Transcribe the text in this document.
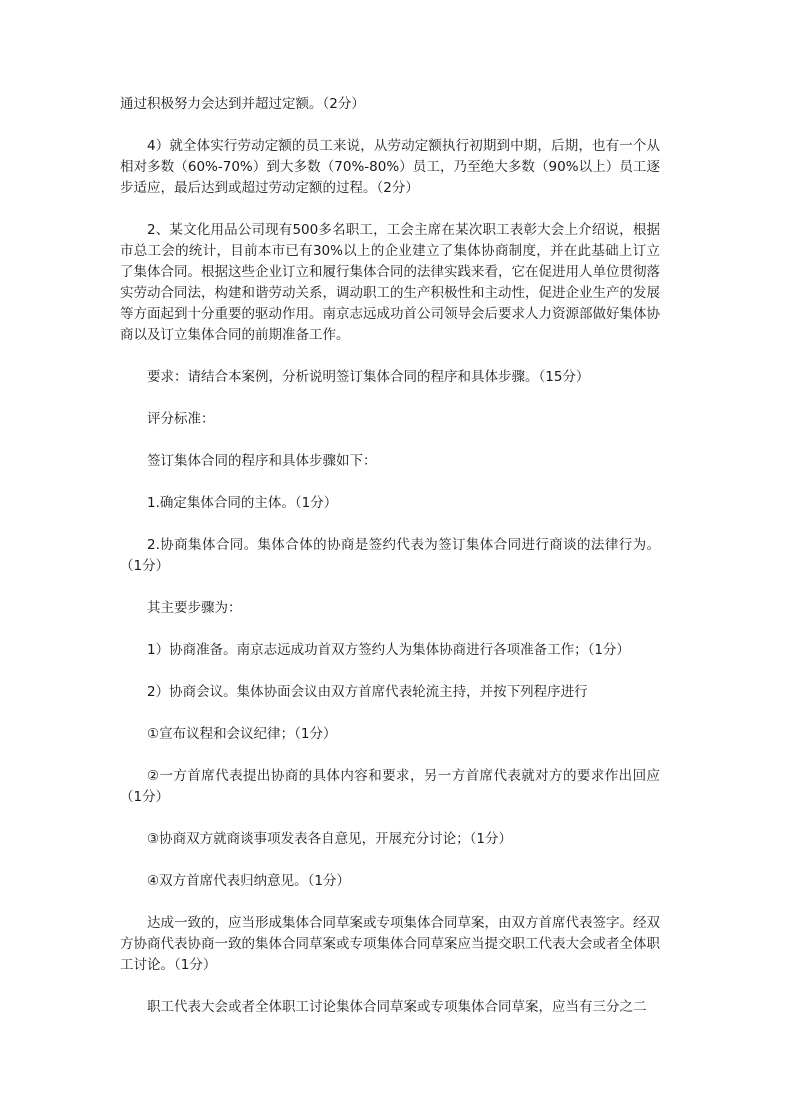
通过积极努力会达到并超过定额。（2分）

4）就全体实行劳动定额的员工来说，从劳动定额执行初期到中期，后期，也有一个从相对多数（60%-70%）到大多数（70%-80%）员工，乃至绝大多数（90%以上）员工逐步适应，最后达到或超过劳动定额的过程。（2分）

2、某文化用品公司现有500多名职工，工会主席在某次职工表彰大会上介绍说，根据市总工会的统计，目前本市已有30%以上的企业建立了集体协商制度，并在此基础上订立了集体合同。根据这些企业订立和履行集体合同的法律实践来看，它在促进用人单位贯彻落实劳动合同法，构建和谐劳动关系，调动职工的生产积极性和主动性，促进企业生产的发展等方面起到十分重要的驱动作用。南京志远成功首公司领导会后要求人力资源部做好集体协商以及订立集体合同的前期准备工作。

要求：请结合本案例，分析说明签订集体合同的程序和具体步骤。（15分）

评分标准：

签订集体合同的程序和具体步骤如下：

1.确定集体合同的主体。（1分）

2.协商集体合同。集体合体的协商是签约代表为签订集体合同进行商谈的法律行为。（1分）

其主要步骤为：

1）协商准备。南京志远成功首双方签约人为集体协商进行各项准备工作；（1分）

2）协商会议。集体协面会议由双方首席代表轮流主持，并按下列程序进行

①宣布议程和会议纪律；（1分）

②一方首席代表提出协商的具体内容和要求，另一方首席代表就对方的要求作出回应（1分）

③协商双方就商谈事项发表各自意见，开展充分讨论；（1分）

④双方首席代表归纳意见。（1分）

达成一致的，应当形成集体合同草案或专项集体合同草案，由双方首席代表签字。经双方协商代表协商一致的集体合同草案或专项集体合同草案应当提交职工代表大会或者全体职工讨论。（1分）

职工代表大会或者全体职工讨论集体合同草案或专项集体合同草案，应当有三分之二
